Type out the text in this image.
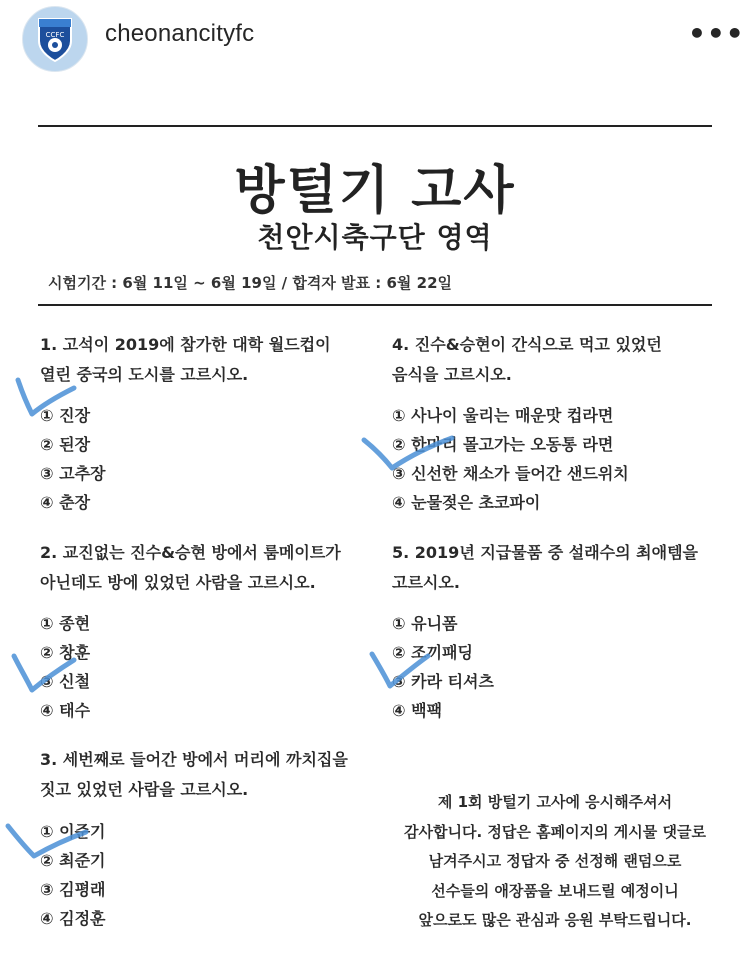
CCFC cheonancityfc	•••
방털기 고사
천안시축구단 영역
시험기간 : 6월 11일 ~ 6월 19일 / 합격자 발표 : 6월 22일
1. 고석이 2019에 참가한 대학 월드컵이
열린 중국의 도시를 고르시오.
① 진장
② 된장
③ 고추장
④ 춘장
2. 교진없는 진수&승현 방에서 룸메이트가
아닌데도 방에 있었던 사람을 고르시오.
① 종현
② 창훈
③ 신철
④ 태수
3. 세번째로 들어간 방에서 머리에 까치집을
짓고 있었던 사람을 고르시오.
① 이준기
② 최준기
③ 김평래
④ 김정훈
4. 진수&승현이 간식으로 먹고 있었던
음식을 고르시오.
① 사나이 울리는 매운맛 컵라면
② 한마리 몰고가는 오동통 라면
③ 신선한 채소가 들어간 샌드위치
④ 눈물젖은 초코파이
5. 2019년 지급물품 중 설래수의 최애템을
고르시오.
① 유니폼
② 조끼패딩
③ 카라 티셔츠
④ 백팩
제 1회 방털기 고사에 응시해주셔서
감사합니다. 정답은 홈페이지의 게시물 댓글로
남겨주시고 정답자 중 선정해 랜덤으로
선수들의 애장품을 보내드릴 예정이니
앞으로도 많은 관심과 응원 부탁드립니다.
